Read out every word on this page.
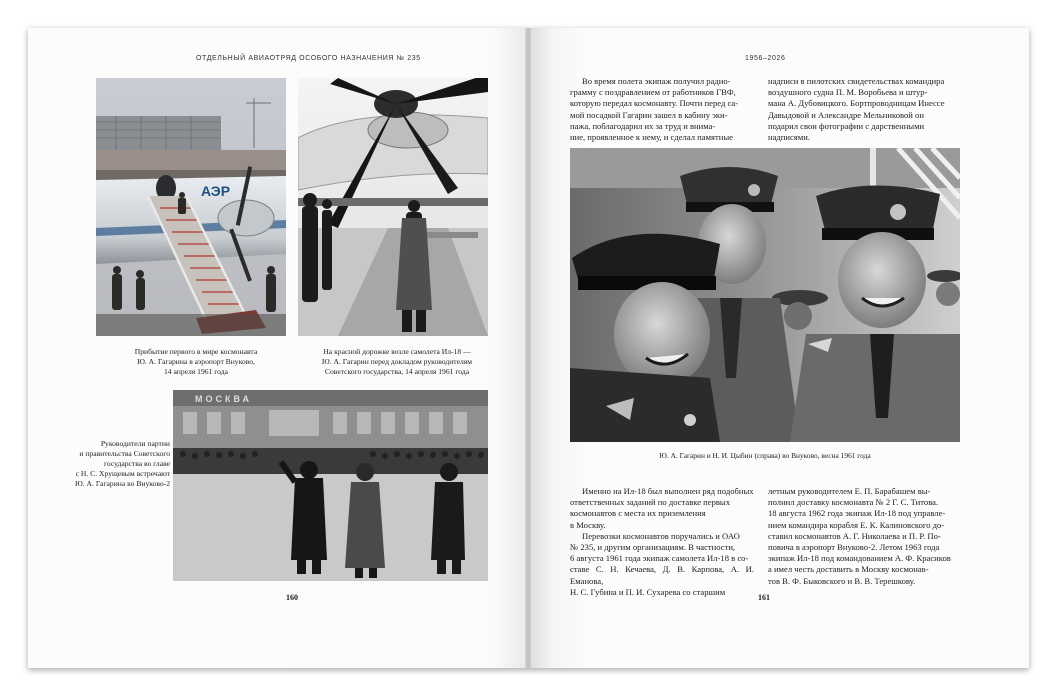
ОТДЕЛЬНЫЙ АВИАОТРЯД ОСОБОГО НАЗНАЧЕНИЯ № 235
АЭР
Прибытие первого в мире космонавта
Ю. А. Гагарина в аэропорт Внуково,
14 апреля 1961 года
На красной дорожке возле самолета Ил-18 —
Ю. А. Гагарин перед докладом руководителям
Советского государства, 14 апреля 1961 года
Руководители партии
и правительства Советского
государства во главе
с Н. С. Хрущевым встречают
Ю. А. Гагарина во Внуково-2
МОСКВА
160
1956–2026
Во время полета экипаж получил радио-
грамму с поздравлением от работников ГВФ,
которую передал космонавту. Почти перед са-
мой посадкой Гагарин зашел в кабину эки-
пажа, поблагодарил их за труд и внима-
ние, проявленное к нему, и сделал памятные
надписи в пилотских свидетельствах командира
воздушного судна П. М. Воробьева и штур-
мана А. Дубовицкого. Бортпроводницам Инессе
Давыдовой и Александре Мельниковой он
подарил свои фотографии с дарственными
надписями.
Ю. А. Гагарин и Н. И. Цыбин (справа) во Внуково, весна 1961 года
Именно на Ил-18 был выполнен ряд подобных
ответственных заданий по доставке первых
космонавтов с места их приземления
в Москву.
Перевозки космонавтов поручались и ОАО
№ 235, и другим организациям. В частности,
6 августа 1961 года экипаж самолета Ил-18 в со-
ставе С. Н. Кечаева, Д. В. Карпова, А. И. Еманова,
Н. С. Губина и П. И. Сухарева со старшим
летным руководителем Е. П. Барабашем вы-
полнил доставку космонавта № 2 Г. С. Титова.
18 августа 1962 года экипаж Ил-18 под управле-
нием командира корабля Е. К. Калиновского до-
ставил космонавтов А. Г. Николаева и П. Р. По-
повича в аэропорт Внуково-2. Летом 1963 года
экипаж Ил-18 под командованием А. Ф. Красиков
а имел честь доставить в Москву космонав-
тов В. Ф. Быковского и В. В. Терешкову.
161
